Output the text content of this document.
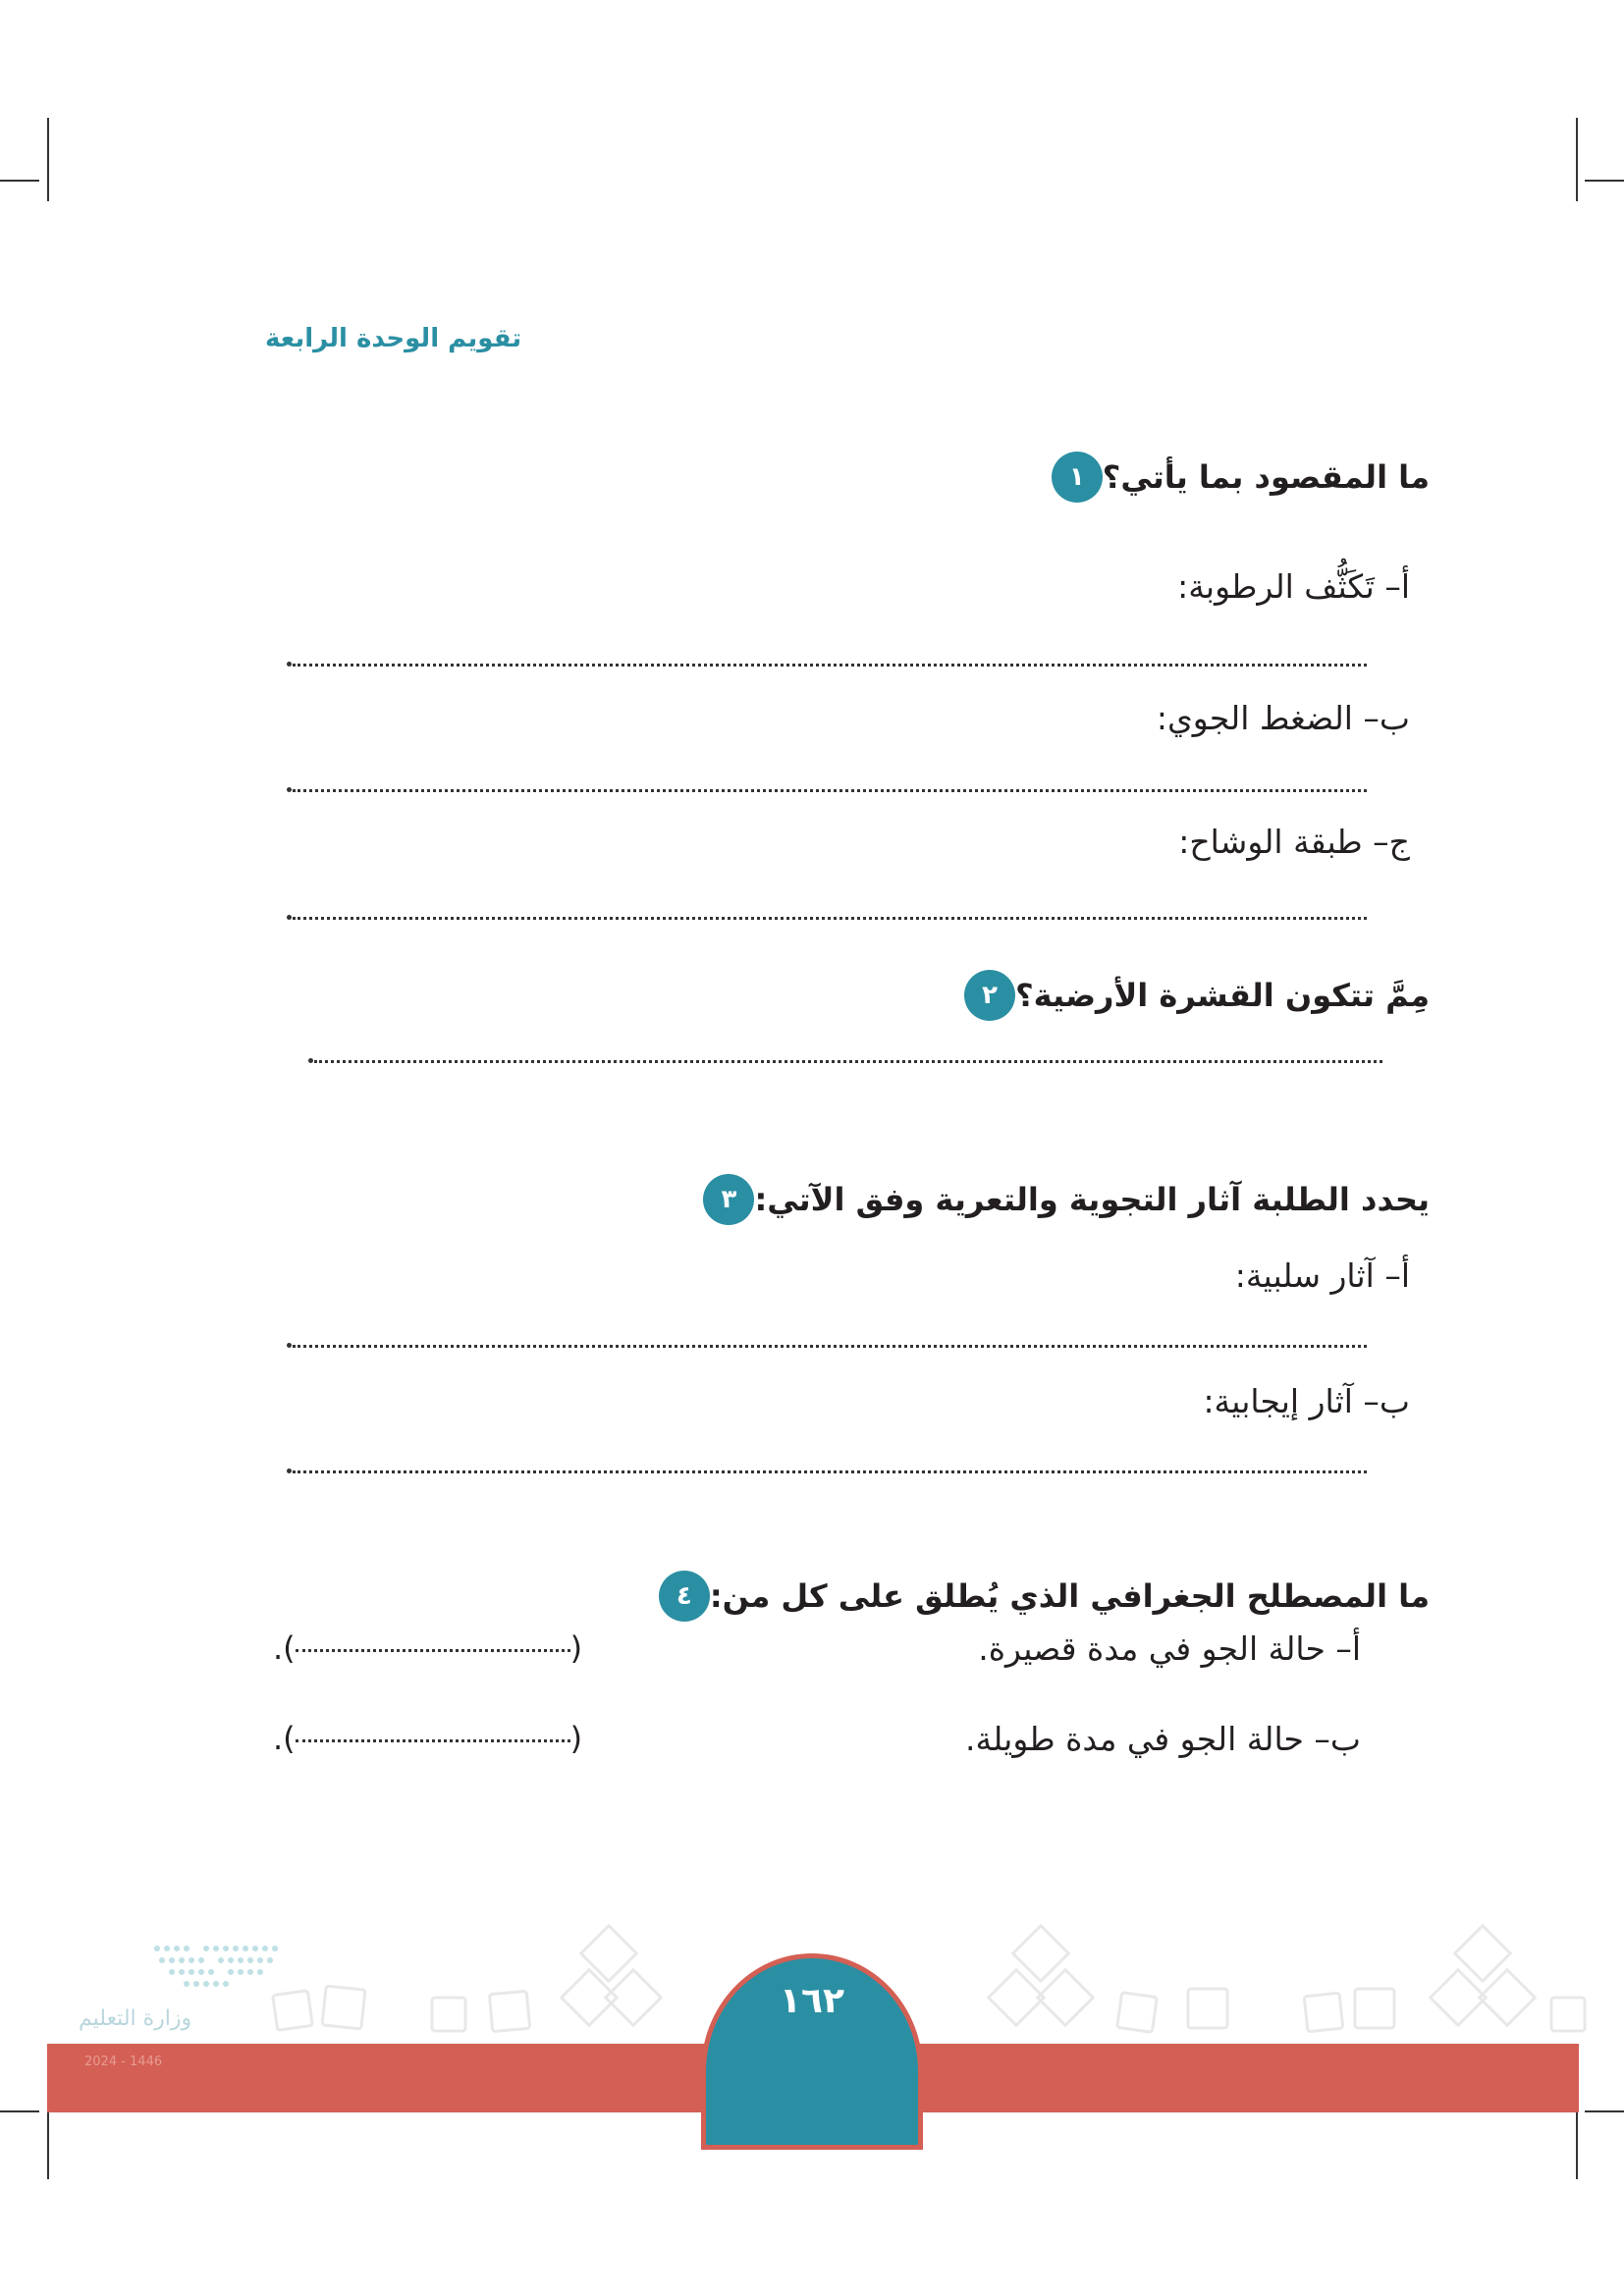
تقويم الوحدة الرابعة
١ ما المقصود بما يأتي؟
أ– تَكَثُّف الرطوبة:
ب– الضغط الجوي:
ج– طبقة الوشاح:
٢ مِمَّ تتكون القشرة الأرضية؟
٣ يحدد الطلبة آثار التجوية والتعرية وفق الآتي:
أ– آثار سلبية:
ب– آثار إيجابية:
٤ ما المصطلح الجغرافي الذي يُطلق على كل من:
أ– حالة الجو في مدة قصيرة.
.(	)
ب– حالة الجو في مدة طويلة.
.(	)
وزارة التعليم
2024 - 1446
١٦٢
